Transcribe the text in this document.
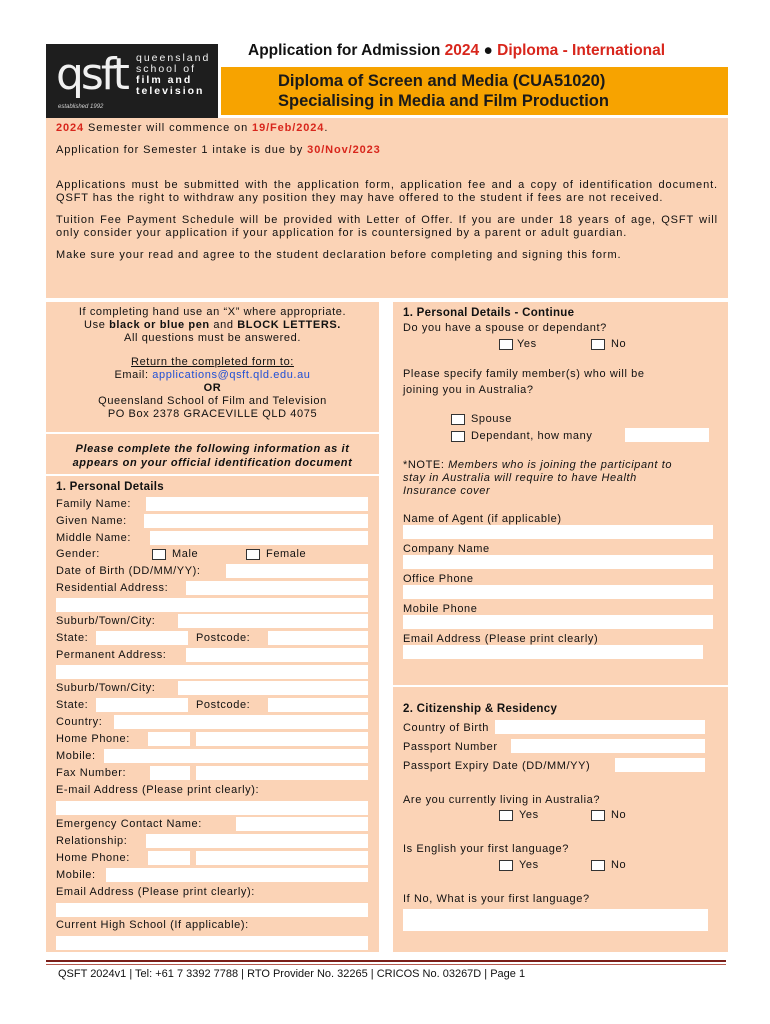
qsft queensland
school of
film and
television
established 1992
Application for Admission 2024 ● Diploma - International
Diploma of Screen and Media (CUA51020)
Specialising in Media and Film Production

2024 Semester will commence on 19/Feb/2024.

Application for Semester 1 intake is due by 30/Nov/2023

Applications must be submitted with the application form, application fee and a copy of identification document. QSFT has the right to withdraw any position they may have offered to the student if fees are not received.

Tuition Fee Payment Schedule will be provided with Letter of Offer. If you are under 18 years of age, QSFT will only consider your application if your application for is countersigned by a parent or adult guardian.

Make sure your read and agree to the student declaration before completing and signing this form.

If completing hand use an “X” where appropriate.
Use black or blue pen and BLOCK LETTERS.
All questions must be answered.
Return the completed form to:
Email: applications@qsft.qld.edu.au
OR
Queensland School of Film and Television
PO Box 2378 GRACEVILLE QLD 4075
Please complete the following information as it appears on your official identification document
1. Personal Details
Family Name:
Given Name:
Middle Name:
Gender:	Male	Female
Date of Birth (DD/MM/YY):
Residential Address:
Suburb/Town/City:
State:	Postcode:
Permanent Address:
Suburb/Town/City:
State:	Postcode:
Country:
Home Phone:
Mobile:
Fax Number:
E-mail Address (Please print clearly):
Emergency Contact Name:
Relationship:
Home Phone:
Mobile:
Email Address (Please print clearly):
Current High School (If applicable):
1. Personal Details - Continue
Do you have a spouse or dependant?
Yes	No
Please specify family member(s) who will be
joining you in Australia?
Spouse
Dependant, how many
*NOTE: Members who is joining the participant to
stay in Australia will require to have Health
Insurance cover
Name of Agent (if applicable)
Company Name
Office Phone
Mobile Phone
Email Address (Please print clearly)
2. Citizenship & Residency
Country of Birth
Passport Number
Passport Expiry Date (DD/MM/YY)
Are you currently living in Australia?
Yes	No
Is English your first language?
Yes	No
If No, What is your first language?
QSFT 2024v1 | Tel: +61 7 3392 7788 | RTO Provider No. 32265 | CRICOS No. 03267D | Page 1
